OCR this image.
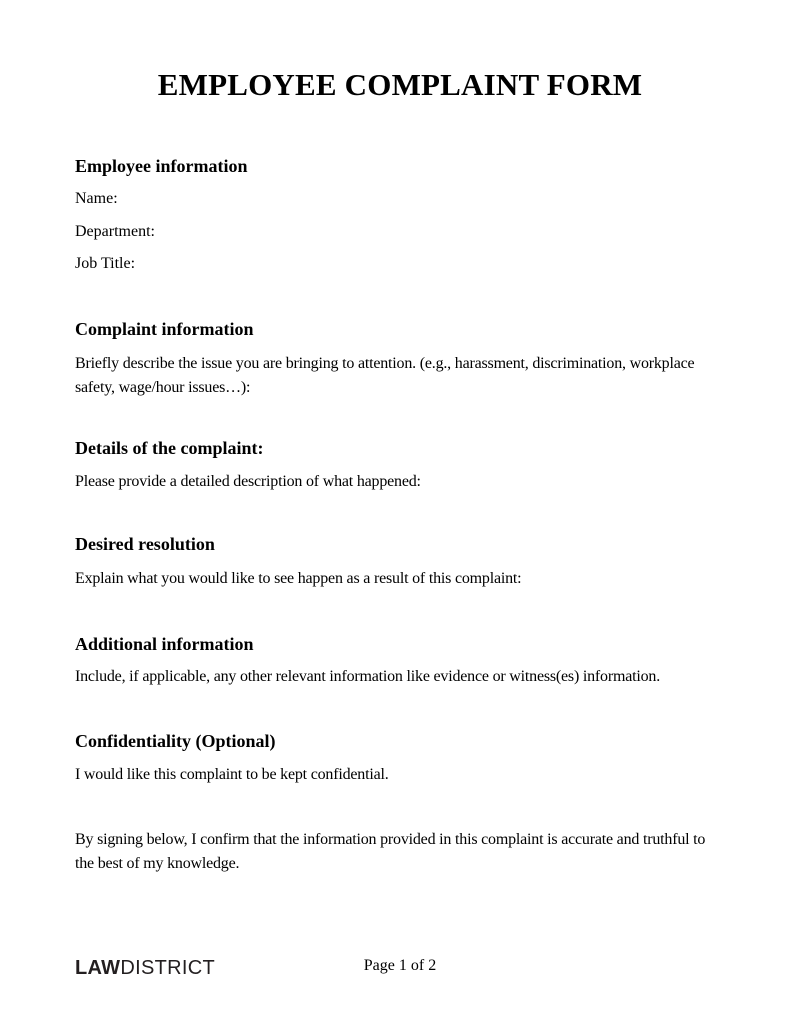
EMPLOYEE COMPLAINT FORM
Employee information

Name:

Department:

Job Title:

Complaint information

Briefly describe the issue you are bringing to attention. (e.g., harassment, discrimination, workplace safety, wage/hour issues…):

Details of the complaint:

Please provide a detailed description of what happened:

Desired resolution

Explain what you would like to see happen as a result of this complaint:

Additional information

Include, if applicable, any other relevant information like evidence or witness(es) information.

Confidentiality (Optional)

I would like this complaint to be kept confidential.

By signing below, I confirm that the information provided in this complaint is accurate and truthful to the best of my knowledge.

LAWDISTRICT	Page 1 of 2
